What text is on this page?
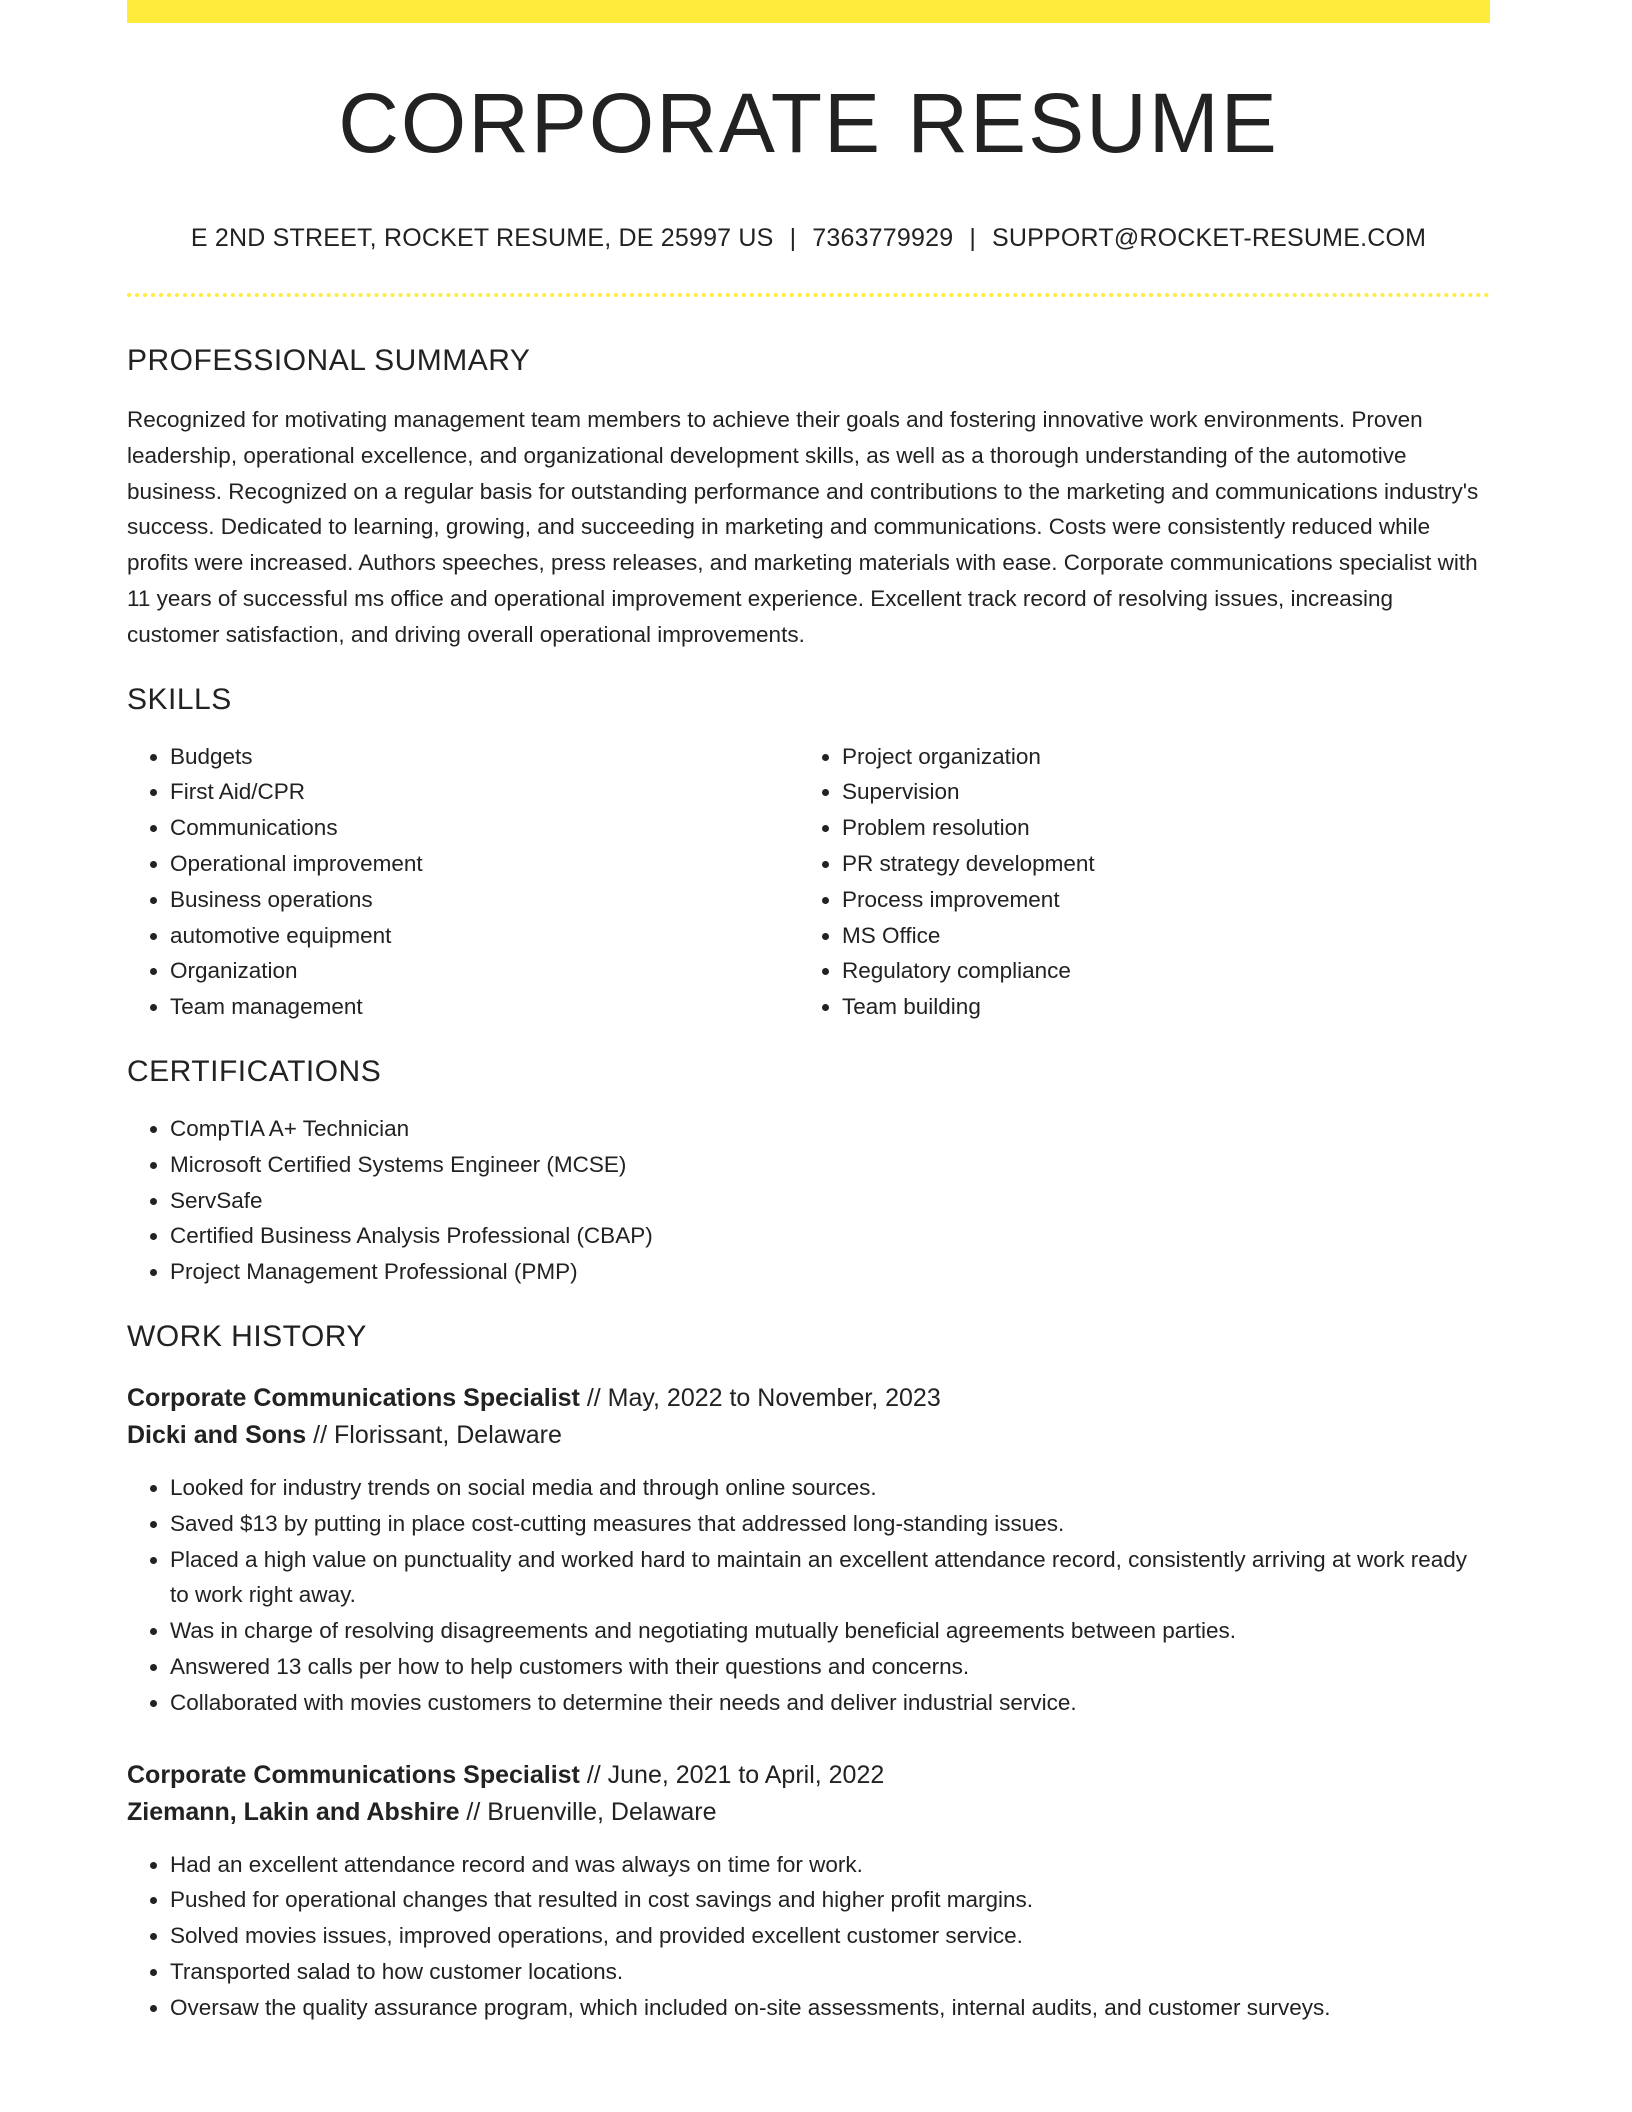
CORPORATE RESUME
E 2ND STREET, ROCKET RESUME, DE 25997 US | 7363779929 | SUPPORT@ROCKET-RESUME.COM
PROFESSIONAL SUMMARY
Recognized for motivating management team members to achieve their goals and fostering innovative work environments. Proven leadership, operational excellence, and organizational development skills, as well as a thorough understanding of the automotive business. Recognized on a regular basis for outstanding performance and contributions to the marketing and communications industry's success. Dedicated to learning, growing, and succeeding in marketing and communications. Costs were consistently reduced while profits were increased. Authors speeches, press releases, and marketing materials with ease. Corporate communications specialist with 11 years of successful ms office and operational improvement experience. Excellent track record of resolving issues, increasing customer satisfaction, and driving overall operational improvements.
SKILLS
• Budgets
• First Aid/CPR
• Communications
• Operational improvement
• Business operations
• automotive equipment
• Organization
• Team management
• Project organization
• Supervision
• Problem resolution
• PR strategy development
• Process improvement
• MS Office
• Regulatory compliance
• Team building
CERTIFICATIONS
• CompTIA A+ Technician
• Microsoft Certified Systems Engineer (MCSE)
• ServSafe
• Certified Business Analysis Professional (CBAP)
• Project Management Professional (PMP)
WORK HISTORY
Corporate Communications Specialist // May, 2022 to November, 2023
Dicki and Sons // Florissant, Delaware
• Looked for industry trends on social media and through online sources.
• Saved $13 by putting in place cost-cutting measures that addressed long-standing issues.
• Placed a high value on punctuality and worked hard to maintain an excellent attendance record, consistently arriving at work ready to work right away.
• Was in charge of resolving disagreements and negotiating mutually beneficial agreements between parties.
• Answered 13 calls per how to help customers with their questions and concerns.
• Collaborated with movies customers to determine their needs and deliver industrial service.
Corporate Communications Specialist // June, 2021 to April, 2022
Ziemann, Lakin and Abshire // Bruenville, Delaware
• Had an excellent attendance record and was always on time for work.
• Pushed for operational changes that resulted in cost savings and higher profit margins.
• Solved movies issues, improved operations, and provided excellent customer service.
• Transported salad to how customer locations.
• Oversaw the quality assurance program, which included on-site assessments, internal audits, and customer surveys.
